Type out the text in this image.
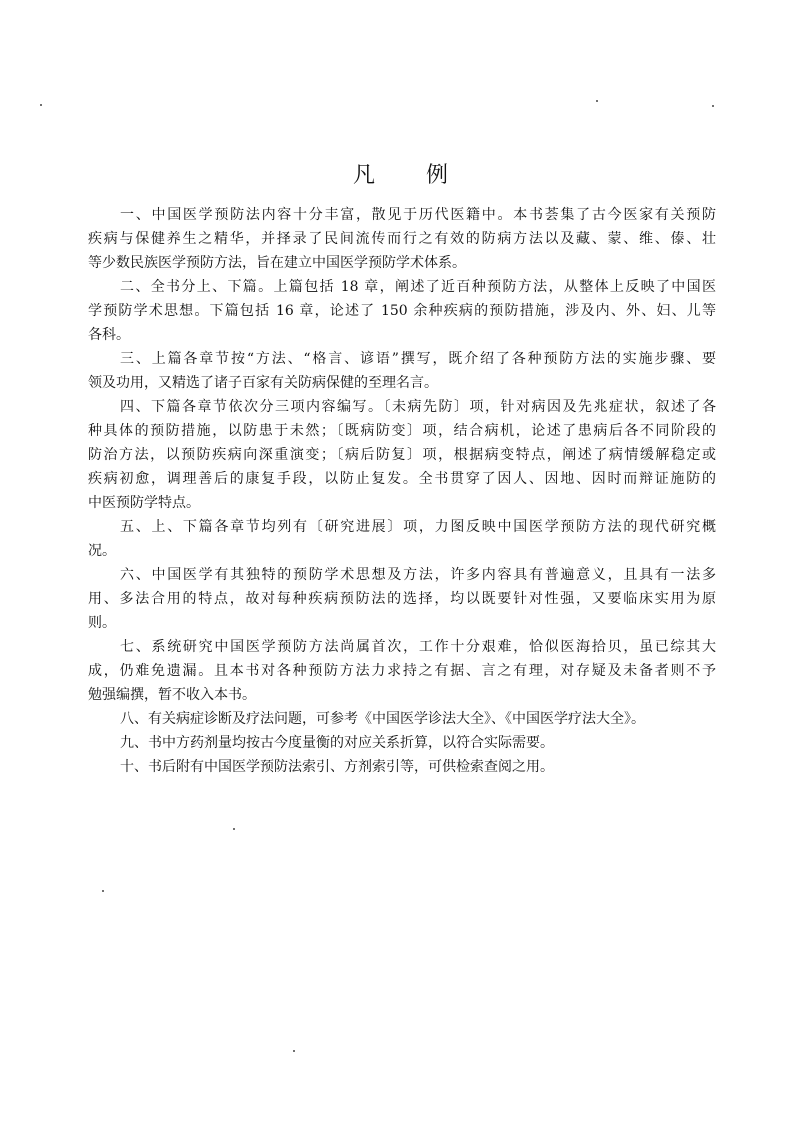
凡 例
一、中国医学预防法内容十分丰富，散见于历代医籍中。本书荟集了古今医家有关预防
疾病与保健养生之精华，并择录了民间流传而行之有效的防病方法以及藏、蒙、维、傣、壮
等少数民族医学预防方法，旨在建立中国医学预防学术体系。
二、全书分上、下篇。上篇包括 18 章，阐述了近百种预防方法，从整体上反映了中国医
学预防学术思想。下篇包括 16 章，论述了 150 余种疾病的预防措施，涉及内、外、妇、儿等
各科。
三、上篇各章节按“方法、“格言、谚语”撰写，既介绍了各种预防方法的实施步骤、要
领及功用，又精选了诸子百家有关防病保健的至理名言。
四、下篇各章节依次分三项内容编写。〔未病先防〕项，针对病因及先兆症状，叙述了各
种具体的预防措施，以防患于未然；〔既病防变〕项，结合病机，论述了患病后各不同阶段的
防治方法，以预防疾病向深重演变；〔病后防复〕项，根据病变特点，阐述了病情缓解稳定或
疾病初愈，调理善后的康复手段，以防止复发。全书贯穿了因人、因地、因时而辩证施防的
中医预防学特点。
五、上、下篇各章节均列有〔研究进展〕项，力图反映中国医学预防方法的现代研究概
况。
六、中国医学有其独特的预防学术思想及方法，许多内容具有普遍意义，且具有一法多
用、多法合用的特点，故对每种疾病预防法的选择，均以既要针对性强，又要临床实用为原
则。
七、系统研究中国医学预防方法尚属首次，工作十分艰难，恰似医海拾贝，虽已综其大
成，仍难免遗漏。且本书对各种预防方法力求持之有据、言之有理，对存疑及未备者则不予
勉强编撰，暂不收入本书。
八、有关病症诊断及疗法问题，可参考《中国医学诊法大全》、《中国医学疗法大全》。
九、书中方药剂量均按古今度量衡的对应关系折算，以符合实际需要。
十、书后附有中国医学预防法索引、方剂索引等，可供检索查阅之用。
